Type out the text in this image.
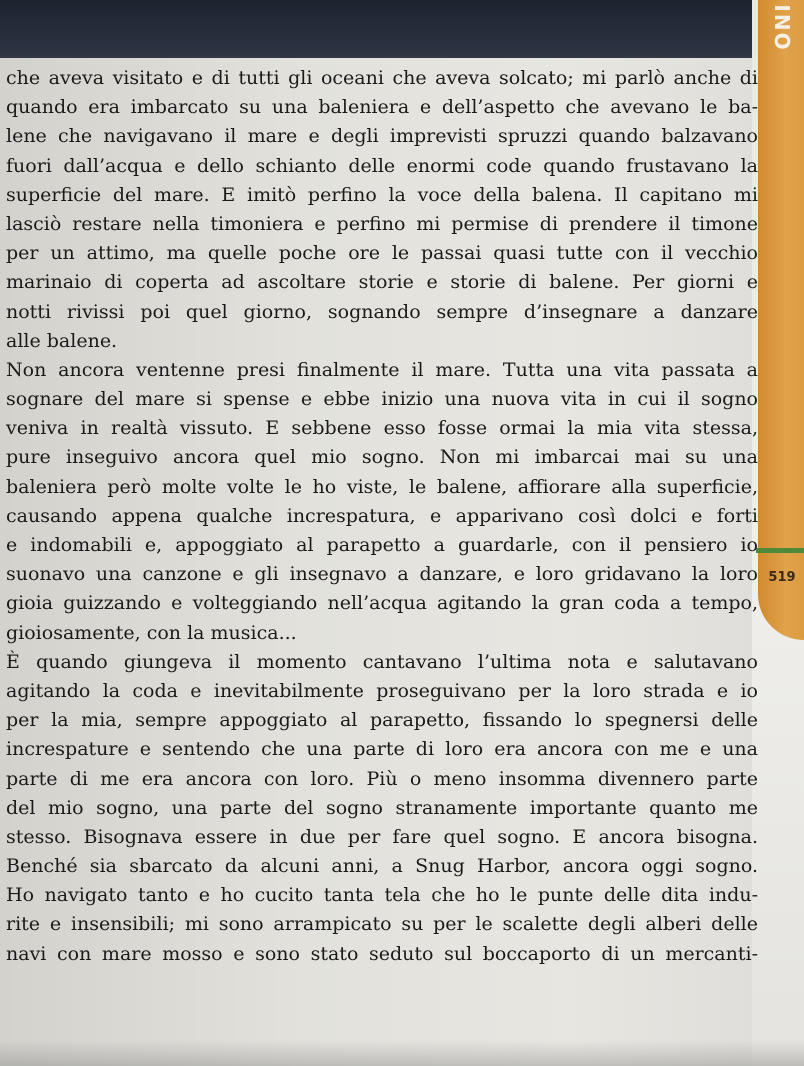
INO
519
che aveva visitato e di tutti gli oceani che aveva solcato; mi parlò anche di
quando era imbarcato su una baleniera e dell’aspetto che avevano le ba-
lene che navigavano il mare e degli imprevisti spruzzi quando balzavano
fuori dall’acqua e dello schianto delle enormi code quando frustavano la
superficie del mare. E imitò perfino la voce della balena. Il capitano mi
lasciò restare nella timoniera e perfino mi permise di prendere il timone
per un attimo, ma quelle poche ore le passai quasi tutte con il vecchio
marinaio di coperta ad ascoltare storie e storie di balene. Per giorni e
notti rivissi poi quel giorno, sognando sempre d’insegnare a danzare
alle balene.
Non ancora ventenne presi finalmente il mare. Tutta una vita passata a
sognare del mare si spense e ebbe inizio una nuova vita in cui il sogno
veniva in realtà vissuto. E sebbene esso fosse ormai la mia vita stessa,
pure inseguivo ancora quel mio sogno. Non mi imbarcai mai su una
baleniera però molte volte le ho viste, le balene, affiorare alla superficie,
causando appena qualche increspatura, e apparivano così dolci e forti
e indomabili e, appoggiato al parapetto a guardarle, con il pensiero io
suonavo una canzone e gli insegnavo a danzare, e loro gridavano la loro
gioia guizzando e volteggiando nell’acqua agitando la gran coda a tempo,
gioiosamente, con la musica...
È quando giungeva il momento cantavano l’ultima nota e salutavano
agitando la coda e inevitabilmente proseguivano per la loro strada e io
per la mia, sempre appoggiato al parapetto, fissando lo spegnersi delle
increspature e sentendo che una parte di loro era ancora con me e una
parte di me era ancora con loro. Più o meno insomma divennero parte
del mio sogno, una parte del sogno stranamente importante quanto me
stesso. Bisognava essere in due per fare quel sogno. E ancora bisogna.
Benché sia sbarcato da alcuni anni, a Snug Harbor, ancora oggi sogno.
Ho navigato tanto e ho cucito tanta tela che ho le punte delle dita indu-
rite e insensibili; mi sono arrampicato su per le scalette degli alberi delle
navi con mare mosso e sono stato seduto sul boccaporto di un mercanti-
